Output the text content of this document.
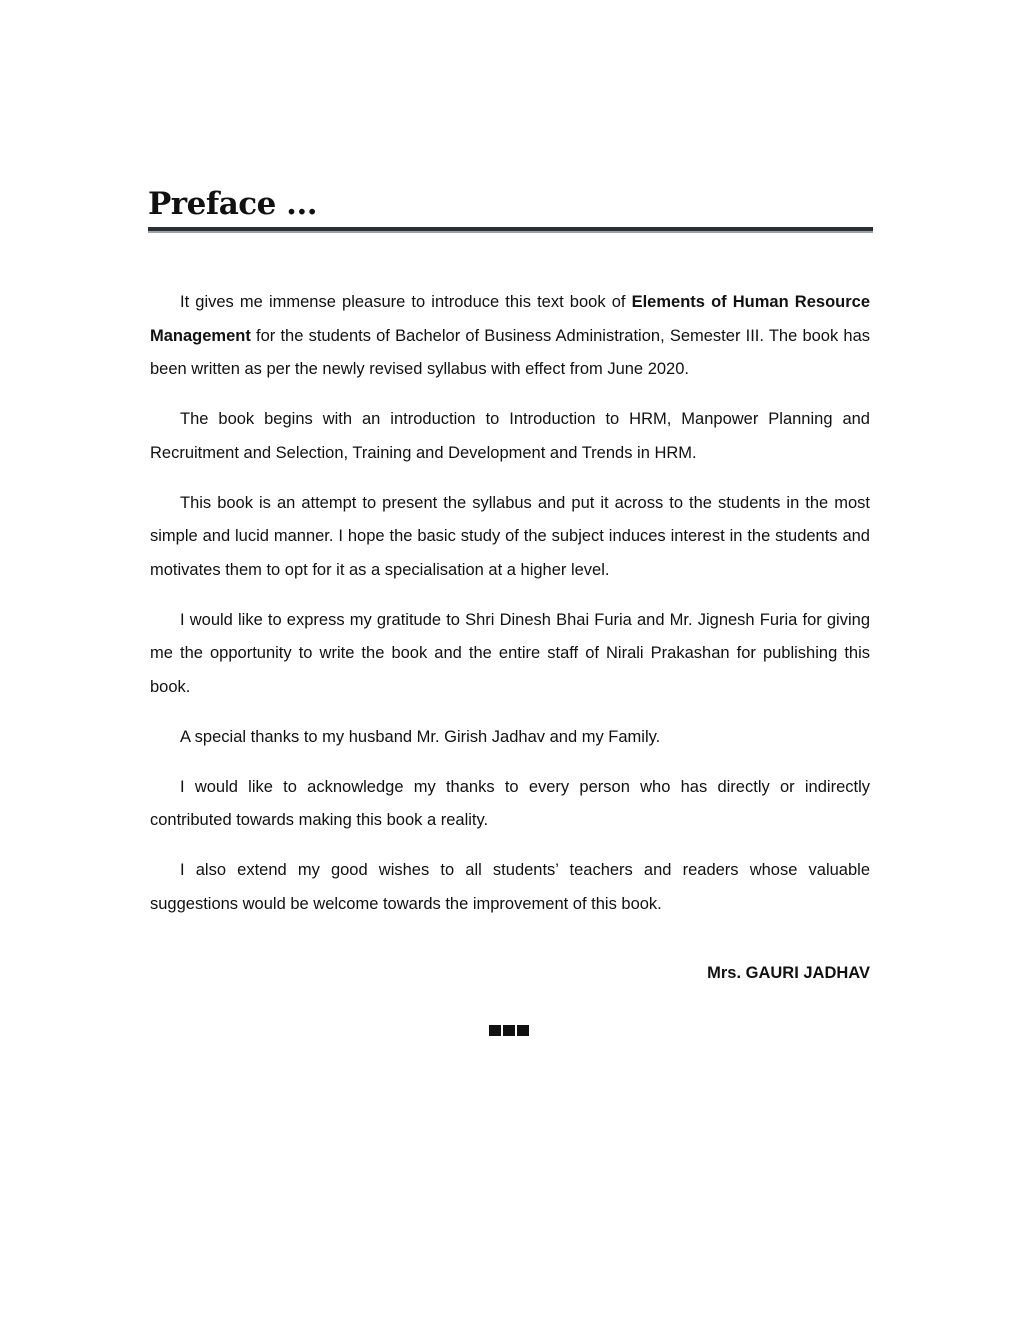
Preface ...

It gives me immense pleasure to introduce this text book of Elements of Human Resource Management for the students of Bachelor of Business Administration, Semester III. The book has been written as per the newly revised syllabus with effect from June 2020.

The book begins with an introduction to Introduction to HRM, Manpower Planning and Recruitment and Selection, Training and Development and Trends in HRM.

This book is an attempt to present the syllabus and put it across to the students in the most simple and lucid manner. I hope the basic study of the subject induces interest in the students and motivates them to opt for it as a specialisation at a higher level.

I would like to express my gratitude to Shri Dinesh Bhai Furia and Mr. Jignesh Furia for giving me the opportunity to write the book and the entire staff of Nirali Prakashan for publishing this book.

A special thanks to my husband Mr. Girish Jadhav and my Family.

I would like to acknowledge my thanks to every person who has directly or indirectly contributed towards making this book a reality.

I also extend my good wishes to all students’ teachers and readers whose valuable suggestions would be welcome towards the improvement of this book.

Mrs. GAURI JADHAV
